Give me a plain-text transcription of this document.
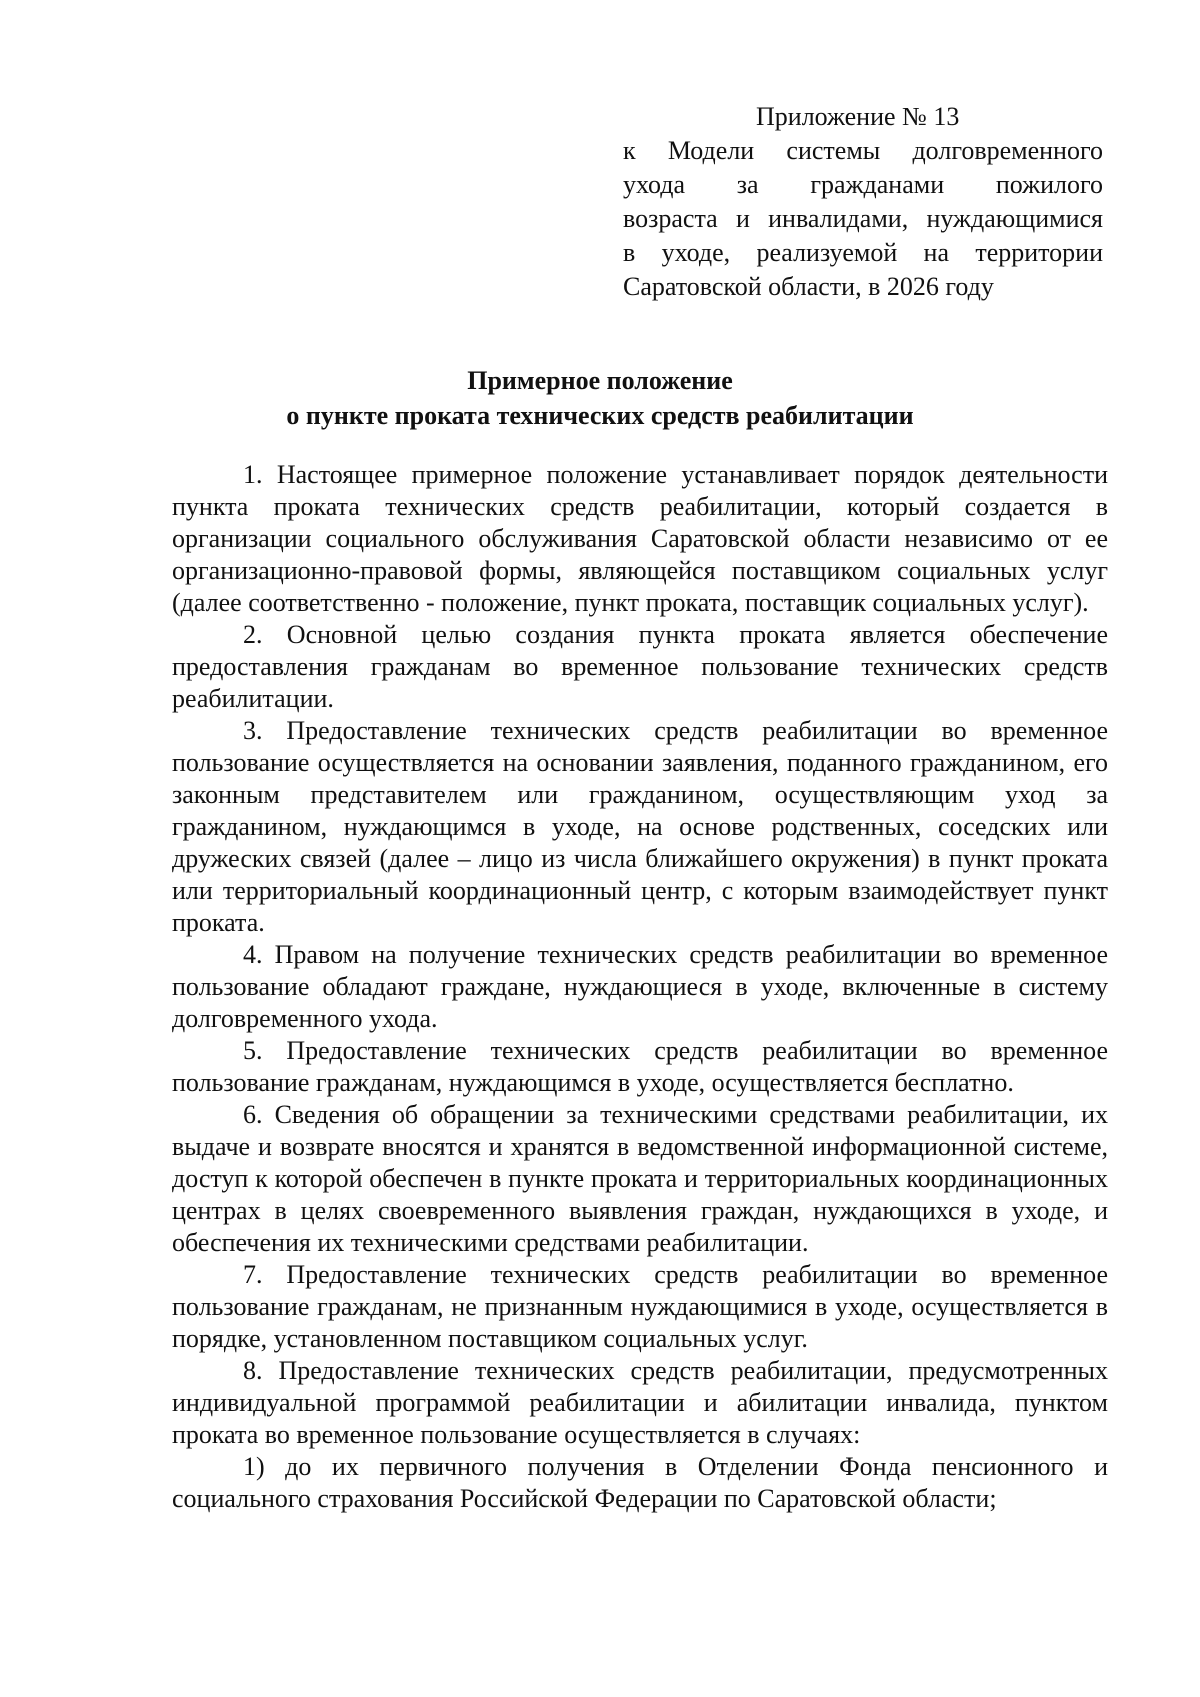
Приложение № 13
к Модели системы долговременного
ухода за гражданами пожилого
возраста и инвалидами, нуждающимися
в уходе, реализуемой на территории
Саратовской области, в 2026 году
Примерное положение
о пункте проката технических средств реабилитации

1. Настоящее примерное положение устанавливает порядок деятельности пункта проката технических средств реабилитации, который создается в организации социального обслуживания Саратовской области независимо от ее организационно-правовой формы, являющейся поставщиком социальных услуг (далее соответственно - положение, пункт проката, поставщик социальных услуг).

2. Основной целью создания пункта проката является обеспечение предоставления гражданам во временное пользование технических средств реабилитации.

3. Предоставление технических средств реабилитации во временное пользование осуществляется на основании заявления, поданного гражданином, его законным представителем или гражданином, осуществляющим уход за гражданином, нуждающимся в уходе, на основе родственных, соседских или дружеских связей (далее – лицо из числа ближайшего окружения) в пункт проката или территориальный координационный центр, с которым взаимодействует пункт проката.

4. Правом на получение технических средств реабилитации во временное пользование обладают граждане, нуждающиеся в уходе, включенные в систему долговременного ухода.

5. Предоставление технических средств реабилитации во временное пользование гражданам, нуждающимся в уходе, осуществляется бесплатно.

6. Сведения об обращении за техническими средствами реабилитации, их выдаче и возврате вносятся и хранятся в ведомственной информационной системе, доступ к которой обеспечен в пункте проката и территориальных координационных центрах в целях своевременного выявления граждан, нуждающихся в уходе, и обеспечения их техническими средствами реабилитации.

7. Предоставление технических средств реабилитации во временное пользование гражданам, не признанным нуждающимися в уходе, осуществляется в порядке, установленном поставщиком социальных услуг.

8. Предоставление технических средств реабилитации, предусмотренных индивидуальной программой реабилитации и абилитации инвалида, пунктом проката во временное пользование осуществляется в случаях:

1) до их первичного получения в Отделении Фонда пенсионного и социального страхования Российской Федерации по Саратовской области;
